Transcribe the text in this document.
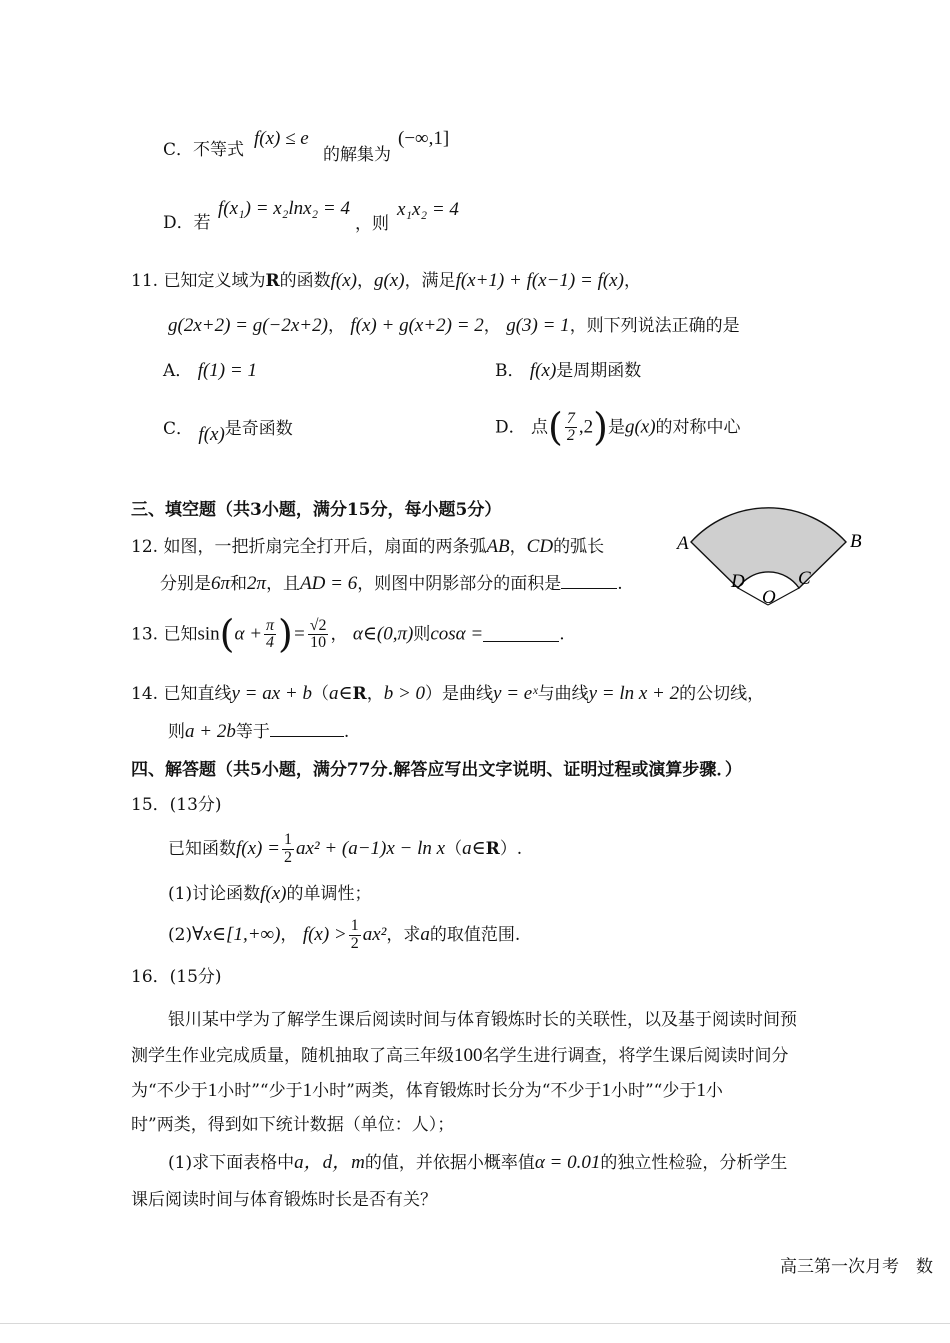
C．不等式
f(x) ≤ e
的解集为
(−∞,1]
D．若
f(x₁) = x₂lnx₂ = 4
，则
x₁x₂ = 4
11. 已知定义域为R的函数f(x)，g(x)，满足f(x+1) + f(x−1) = f(x)，
g(2x+2) = g(−2x+2)， f(x) + g(x+2) = 2， g(3) = 1，则下列说法正确的是
A． f(1) = 1	B． f(x)是周期函数
C． f(x)是奇函数	D． 点( $\frac{7}{2} ,2$)是g(x)的对称中心
三、填空题（共3小题，满分15分，每小题5分）
12. 如图，一把折扇完全打开后，扇面的两条弧AB，CD的弧长
分别是6π和2π，且AD = 6，则图中阴影部分的面积是	.
A	B
C
D
O
13. 已知$\sin(\alpha + \frac{\pi}{4}$ )= $\frac{√2}{10}$ ， α∈(0,π)则cosα =	.
14. 已知直线y = ax + b（a∈R，b > 0）是曲线y = eˣ与曲线y = ln x + 2的公切线，
则a + 2b等于	.
四、解答题（共5小题，满分77分.解答应写出文字说明、证明过程或演算步骤．）
15．(13分)
已知函数$f(x) = \frac{1}{2} ax^2 + (a-1)x - \ln$ x（a∈R）.
(1)讨论函数f(x)的单调性；
(2)∀x∈[1,+∞)， $f(x) > \frac{1}{2} ax^2$，求a的取值范围.
16．(15分)
银川某中学为了解学生课后阅读时间与体育锻炼时长的关联性，以及基于阅读时间预
测学生作业完成质量，随机抽取了高三年级100名学生进行调查，将学生课后阅读时间分
为“不少于1小时”“少于1小时”两类，体育锻炼时长分为“不少于1小时”“少于1小
时”两类，得到如下统计数据（单位：人）；
(1)求下面表格中a，d，m的值，并依据小概率值α = 0.01的独立性检验，分析学生
课后阅读时间与体育锻炼时长是否有关？
高三第一次月考　数
